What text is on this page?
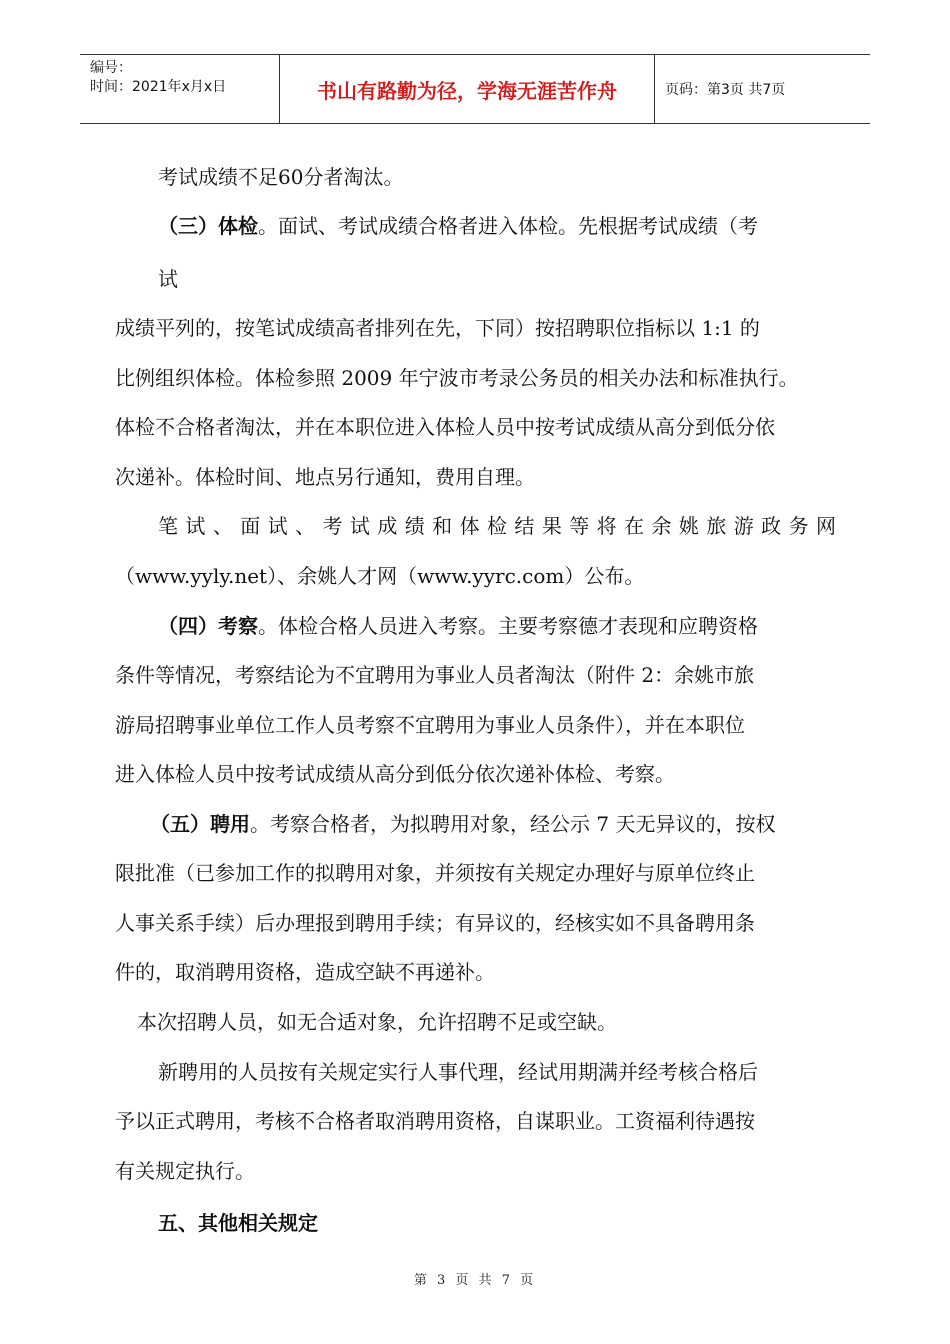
编号：
时间：2021年x月x日	书山有路勤为径，学海无涯苦作舟	页码：第3页 共7页

考试成绩不足60分者淘汰。

（三）体检。面试、考试成绩合格者进入体检。先根据考试成绩（考

试

成绩平列的，按笔试成绩高者排列在先，下同）按招聘职位指标以 1:1 的

比例组织体检。体检参照 2009 年宁波市考录公务员的相关办法和标准执行。

体检不合格者淘汰，并在本职位进入体检人员中按考试成绩从高分到低分依

次递补。体检时间、地点另行通知，费用自理。

笔试、面试、考试成绩和体检结果等将在余姚旅游政务网

（www.yyly.net）、余姚人才网（www.yyrc.com）公布。

（四）考察。体检合格人员进入考察。主要考察德才表现和应聘资格

条件等情况，考察结论为不宜聘用为事业人员者淘汰（附件 2：余姚市旅

游局招聘事业单位工作人员考察不宜聘用为事业人员条件），并在本职位

进入体检人员中按考试成绩从高分到低分依次递补体检、考察。

（五）聘用。考察合格者，为拟聘用对象，经公示 7 天无异议的，按权

限批准（已参加工作的拟聘用对象，并须按有关规定办理好与原单位终止

人事关系手续）后办理报到聘用手续；有异议的，经核实如不具备聘用条

件的，取消聘用资格，造成空缺不再递补。

本次招聘人员，如无合适对象，允许招聘不足或空缺。

新聘用的人员按有关规定实行人事代理，经试用期满并经考核合格后

予以正式聘用，考核不合格者取消聘用资格，自谋职业。工资福利待遇按

有关规定执行。

五、其他相关规定

第 3 页 共 7 页
